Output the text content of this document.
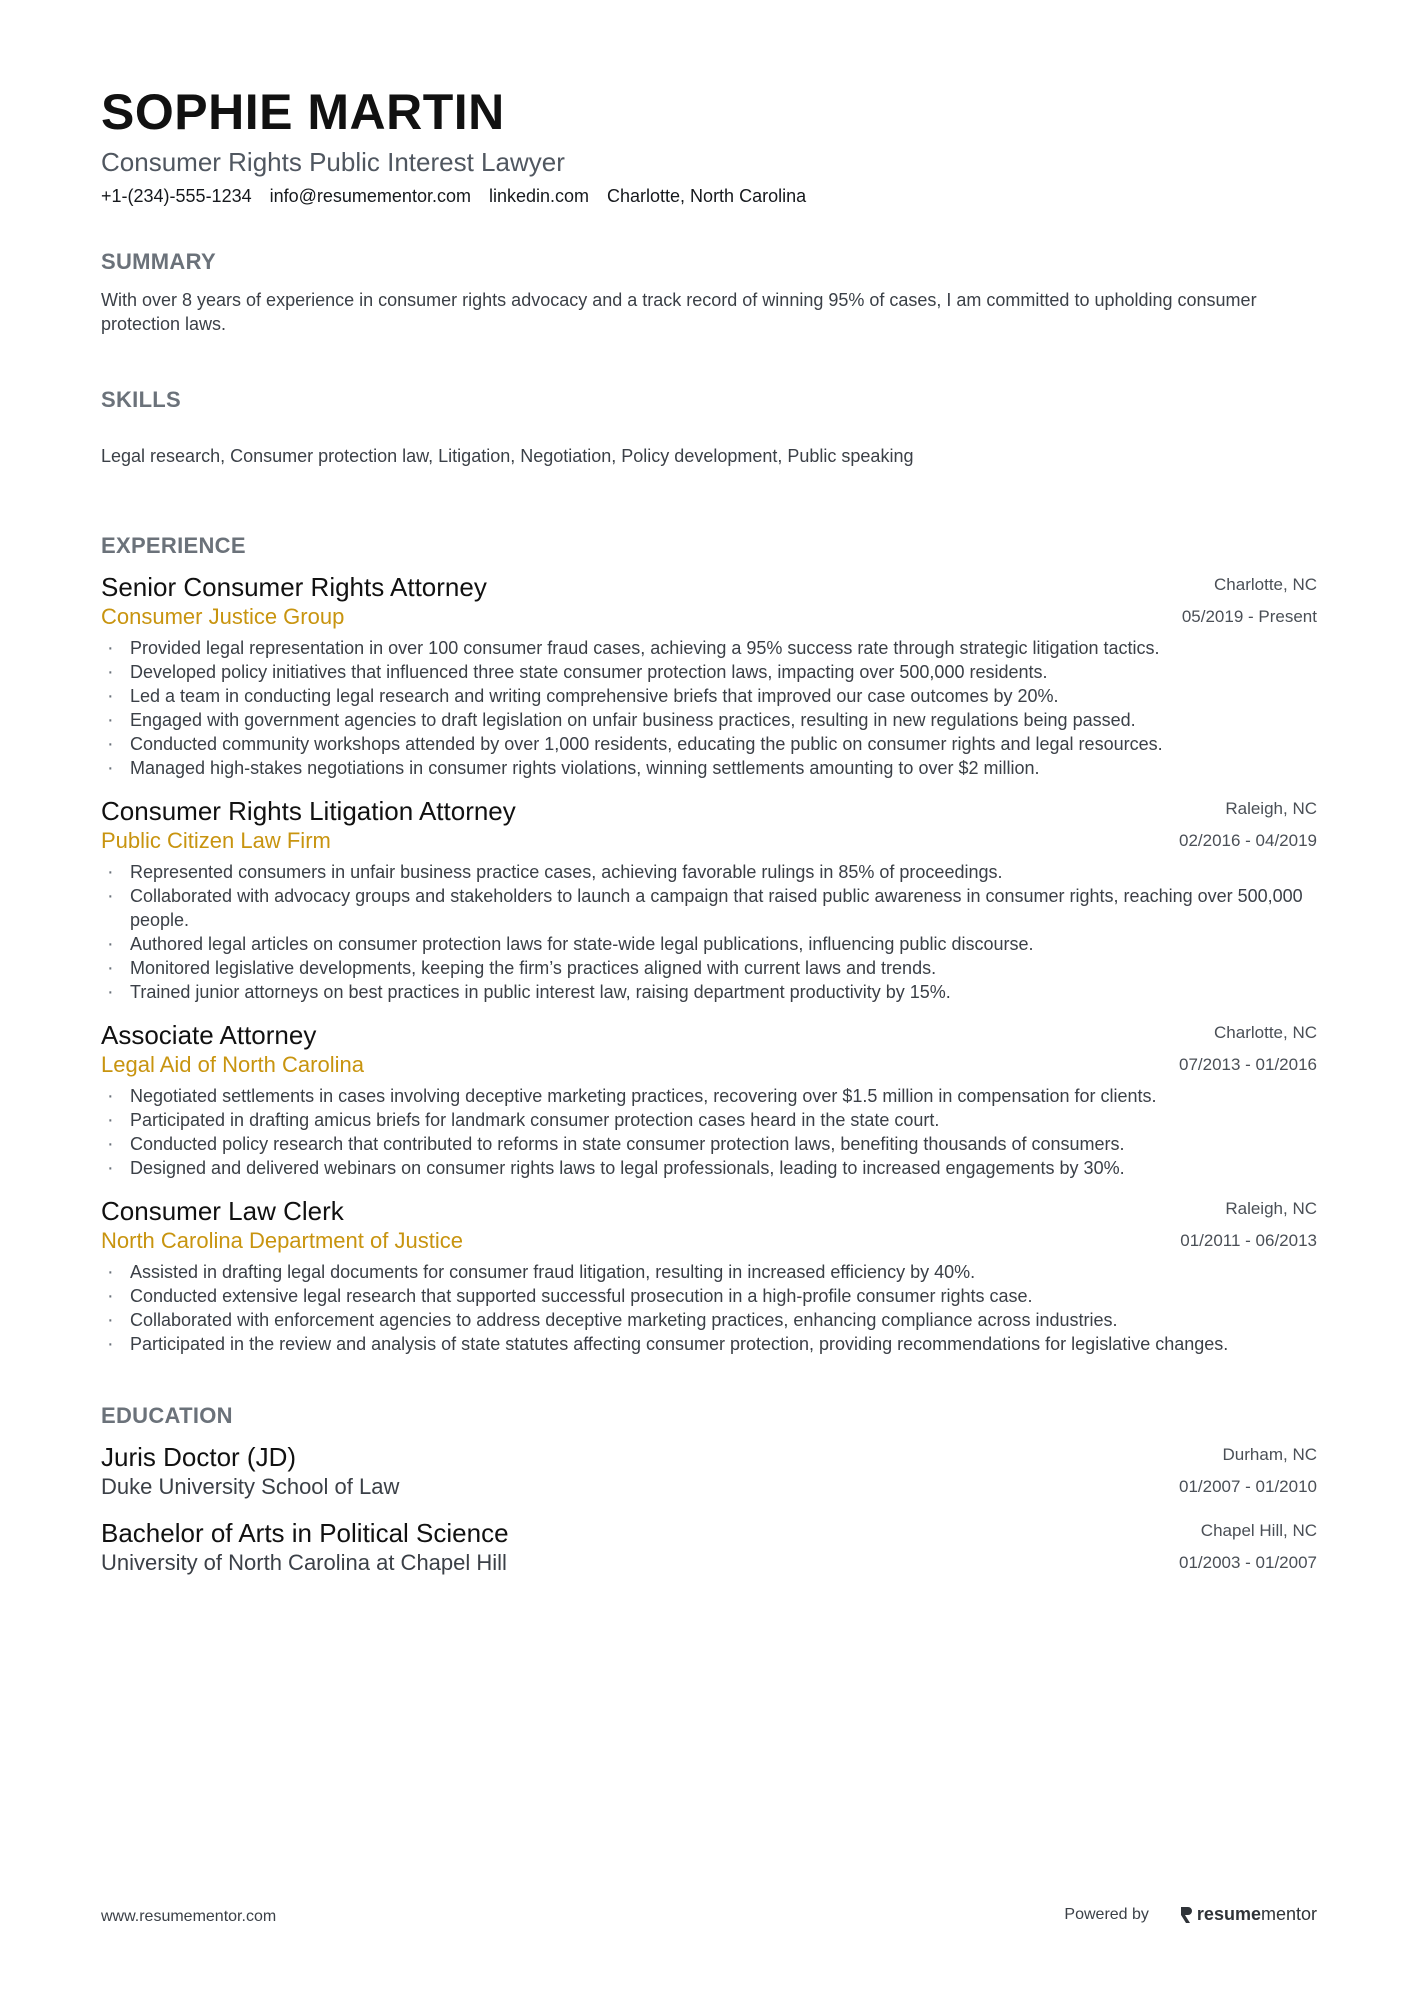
SOPHIE MARTIN
Consumer Rights Public Interest Lawyer
+1-(234)-555-1234 info@resumementor.com linkedin.com Charlotte, North Carolina
SUMMARY
With over 8 years of experience in consumer rights advocacy and a track record of winning 95% of cases, I am committed to upholding consumer protection laws.
SKILLS
Legal research, Consumer protection law, Litigation, Negotiation, Policy development, Public speaking
EXPERIENCE
Senior Consumer Rights Attorney	Charlotte, NC
Consumer Justice Group	05/2019 - Present
· Provided legal representation in over 100 consumer fraud cases, achieving a 95% success rate through strategic litigation tactics.
· Developed policy initiatives that influenced three state consumer protection laws, impacting over 500,000 residents.
· Led a team in conducting legal research and writing comprehensive briefs that improved our case outcomes by 20%.
· Engaged with government agencies to draft legislation on unfair business practices, resulting in new regulations being passed.
· Conducted community workshops attended by over 1,000 residents, educating the public on consumer rights and legal resources.
· Managed high-stakes negotiations in consumer rights violations, winning settlements amounting to over $2 million.
Consumer Rights Litigation Attorney	Raleigh, NC
Public Citizen Law Firm	02/2016 - 04/2019
· Represented consumers in unfair business practice cases, achieving favorable rulings in 85% of proceedings.
· Collaborated with advocacy groups and stakeholders to launch a campaign that raised public awareness in consumer rights, reaching over 500,000 people.
· Authored legal articles on consumer protection laws for state-wide legal publications, influencing public discourse.
· Monitored legislative developments, keeping the firm’s practices aligned with current laws and trends.
· Trained junior attorneys on best practices in public interest law, raising department productivity by 15%.
Associate Attorney	Charlotte, NC
Legal Aid of North Carolina	07/2013 - 01/2016
· Negotiated settlements in cases involving deceptive marketing practices, recovering over $1.5 million in compensation for clients.
· Participated in drafting amicus briefs for landmark consumer protection cases heard in the state court.
· Conducted policy research that contributed to reforms in state consumer protection laws, benefiting thousands of consumers.
· Designed and delivered webinars on consumer rights laws to legal professionals, leading to increased engagements by 30%.
Consumer Law Clerk	Raleigh, NC
North Carolina Department of Justice	01/2011 - 06/2013
· Assisted in drafting legal documents for consumer fraud litigation, resulting in increased efficiency by 40%.
· Conducted extensive legal research that supported successful prosecution in a high-profile consumer rights case.
· Collaborated with enforcement agencies to address deceptive marketing practices, enhancing compliance across industries.
· Participated in the review and analysis of state statutes affecting consumer protection, providing recommendations for legislative changes.
EDUCATION
Juris Doctor (JD)	Durham, NC
Duke University School of Law	01/2007 - 01/2010
Bachelor of Arts in Political Science	Chapel Hill, NC
University of North Carolina at Chapel Hill	01/2003 - 01/2007
www.resumementor.com	Powered by	resume mentor
